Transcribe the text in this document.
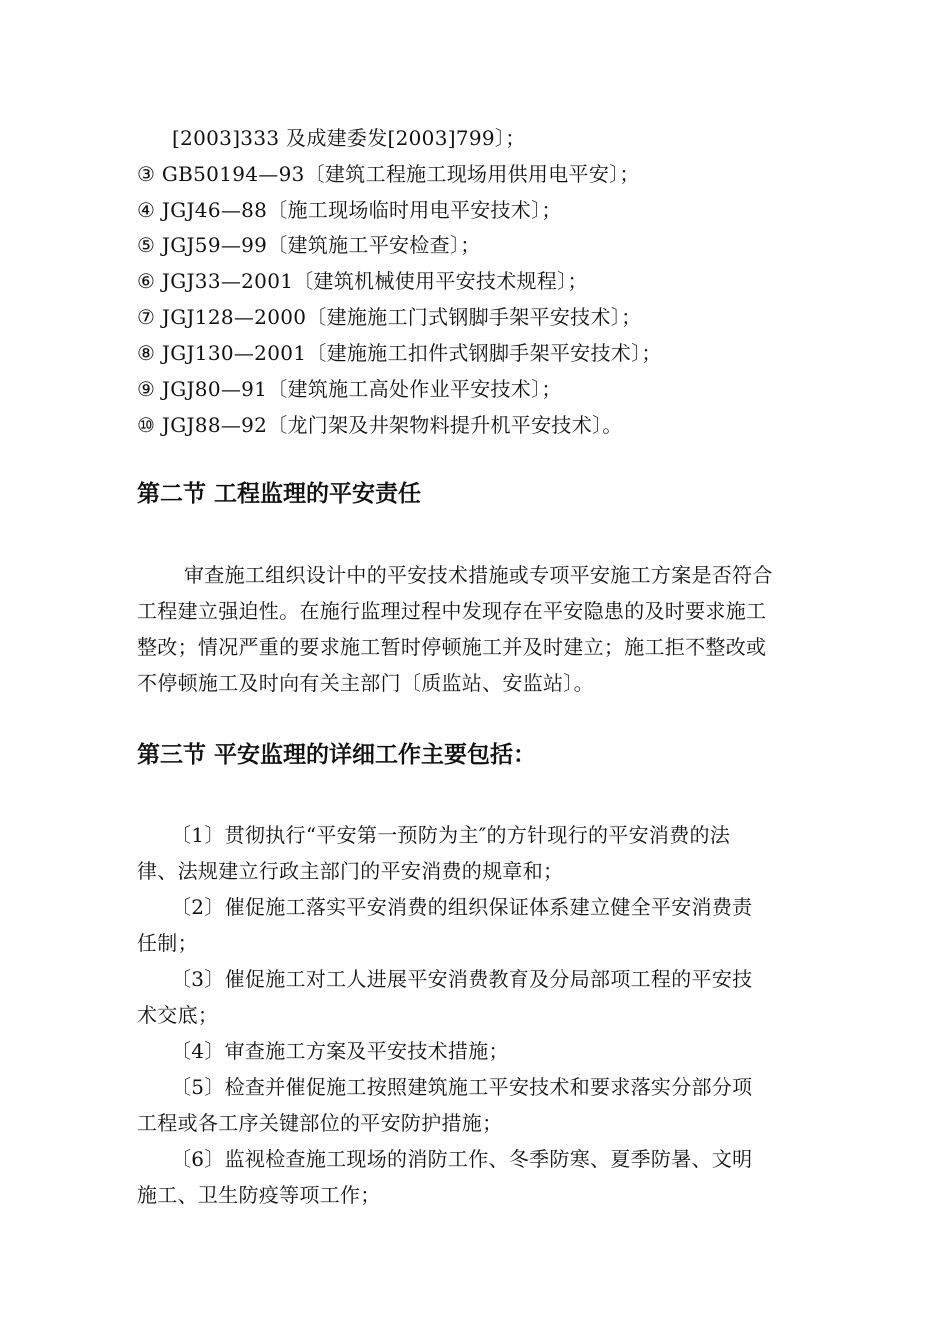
[2003]333 及成建委发[2003]799〕；
③ GB50194—93〔建筑工程施工现场用供用电平安〕；
④ JGJ46—88〔施工现场临时用电平安技术〕；
⑤ JGJ59—99〔建筑施工平安检查〕；
⑥ JGJ33—2001〔建筑机械使用平安技术规程〕；
⑦ JGJ128—2000〔建施施工门式钢脚手架平安技术〕；
⑧ JGJ130—2001〔建施施工扣件式钢脚手架平安技术〕；
⑨ JGJ80—91〔建筑施工高处作业平安技术〕；
⑩ JGJ88—92〔龙门架及井架物料提升机平安技术〕。
第二节 工程监理的平安责任
审查施工组织设计中的平安技术措施或专项平安施工方案是否符合
工程建立强迫性。在施行监理过程中发现存在平安隐患的及时要求施工
整改；情况严重的要求施工暂时停顿施工并及时建立；施工拒不整改或
不停顿施工及时向有关主部门〔质监站、安监站〕。
第三节 平安监理的详细工作主要包括：
〔1〕贯彻执行“平安第一预防为主″的方针现行的平安消费的法
律、法规建立行政主部门的平安消费的规章和；
〔2〕催促施工落实平安消费的组织保证体系建立健全平安消费责
任制；
〔3〕催促施工对工人进展平安消费教育及分局部项工程的平安技
术交底；
〔4〕审查施工方案及平安技术措施；
〔5〕检查并催促施工按照建筑施工平安技术和要求落实分部分项
工程或各工序关键部位的平安防护措施；
〔6〕监视检查施工现场的消防工作、冬季防寒、夏季防暑、文明
施工、卫生防疫等项工作；
